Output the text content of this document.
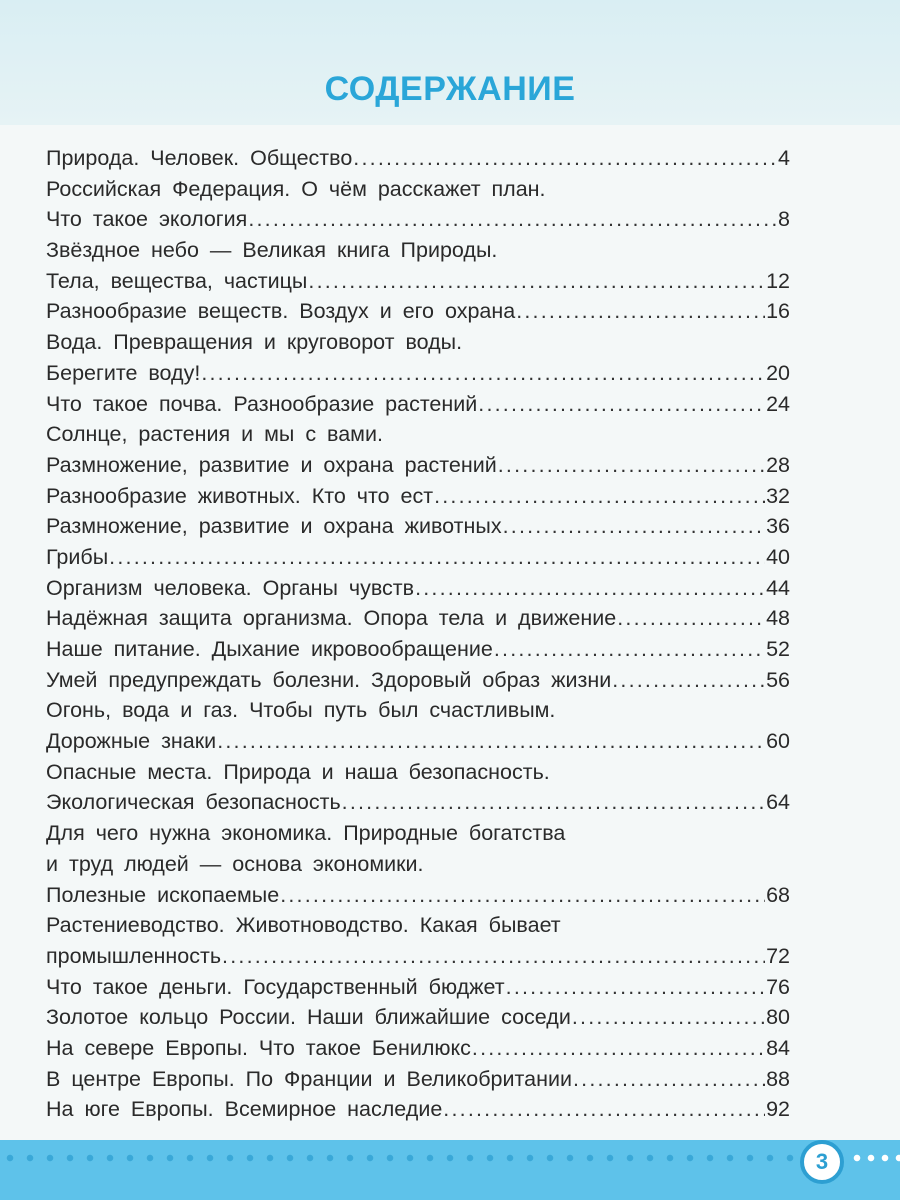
СОДЕРЖАНИЕ
Природа. Человек. Общество .....	4
Российская Федерация. О чём расскажет план.
Что такое экология .....	8
Звёздное небо — Великая книга Природы.
Тела, вещества, частицы .....	12
Разнообразие веществ. Воздух и его охрана .....	16
Вода. Превращения и круговорот воды.
Берегите воду! .....	20
Что такое почва. Разнообразие растений .....	24
Солнце, растения и мы с вами.
Размножение, развитие и охрана растений .....	28
Разнообразие животных. Кто что ест .....	32
Размножение, развитие и охрана животных .....	36
Грибы .....	40
Организм человека. Органы чувств .....	44
Надёжная защита организма. Опора тела и движение .....	48
Наше питание. Дыхание икровообращение .....	52
Умей предупреждать болезни. Здоровый образ жизни .....	56
Огонь, вода и газ. Чтобы путь был счастливым.
Дорожные знаки .....	60
Опасные места. Природа и наша безопасность.
Экологическая безопасность .....	64
Для чего нужна экономика. Природные богатства
и труд людей — основа экономики.
Полезные ископаемые .....	68
Растениеводство. Животноводство. Какая бывает
промышленность .....	72
Что такое деньги. Государственный бюджет .....	76
Золотое кольцо России. Наши ближайшие соседи .....	80
На севере Европы. Что такое Бенилюкс .....	84
В центре Европы. По Франции и Великобритании .....	88
На юге Европы. Всемирное наследие .....	92
3
